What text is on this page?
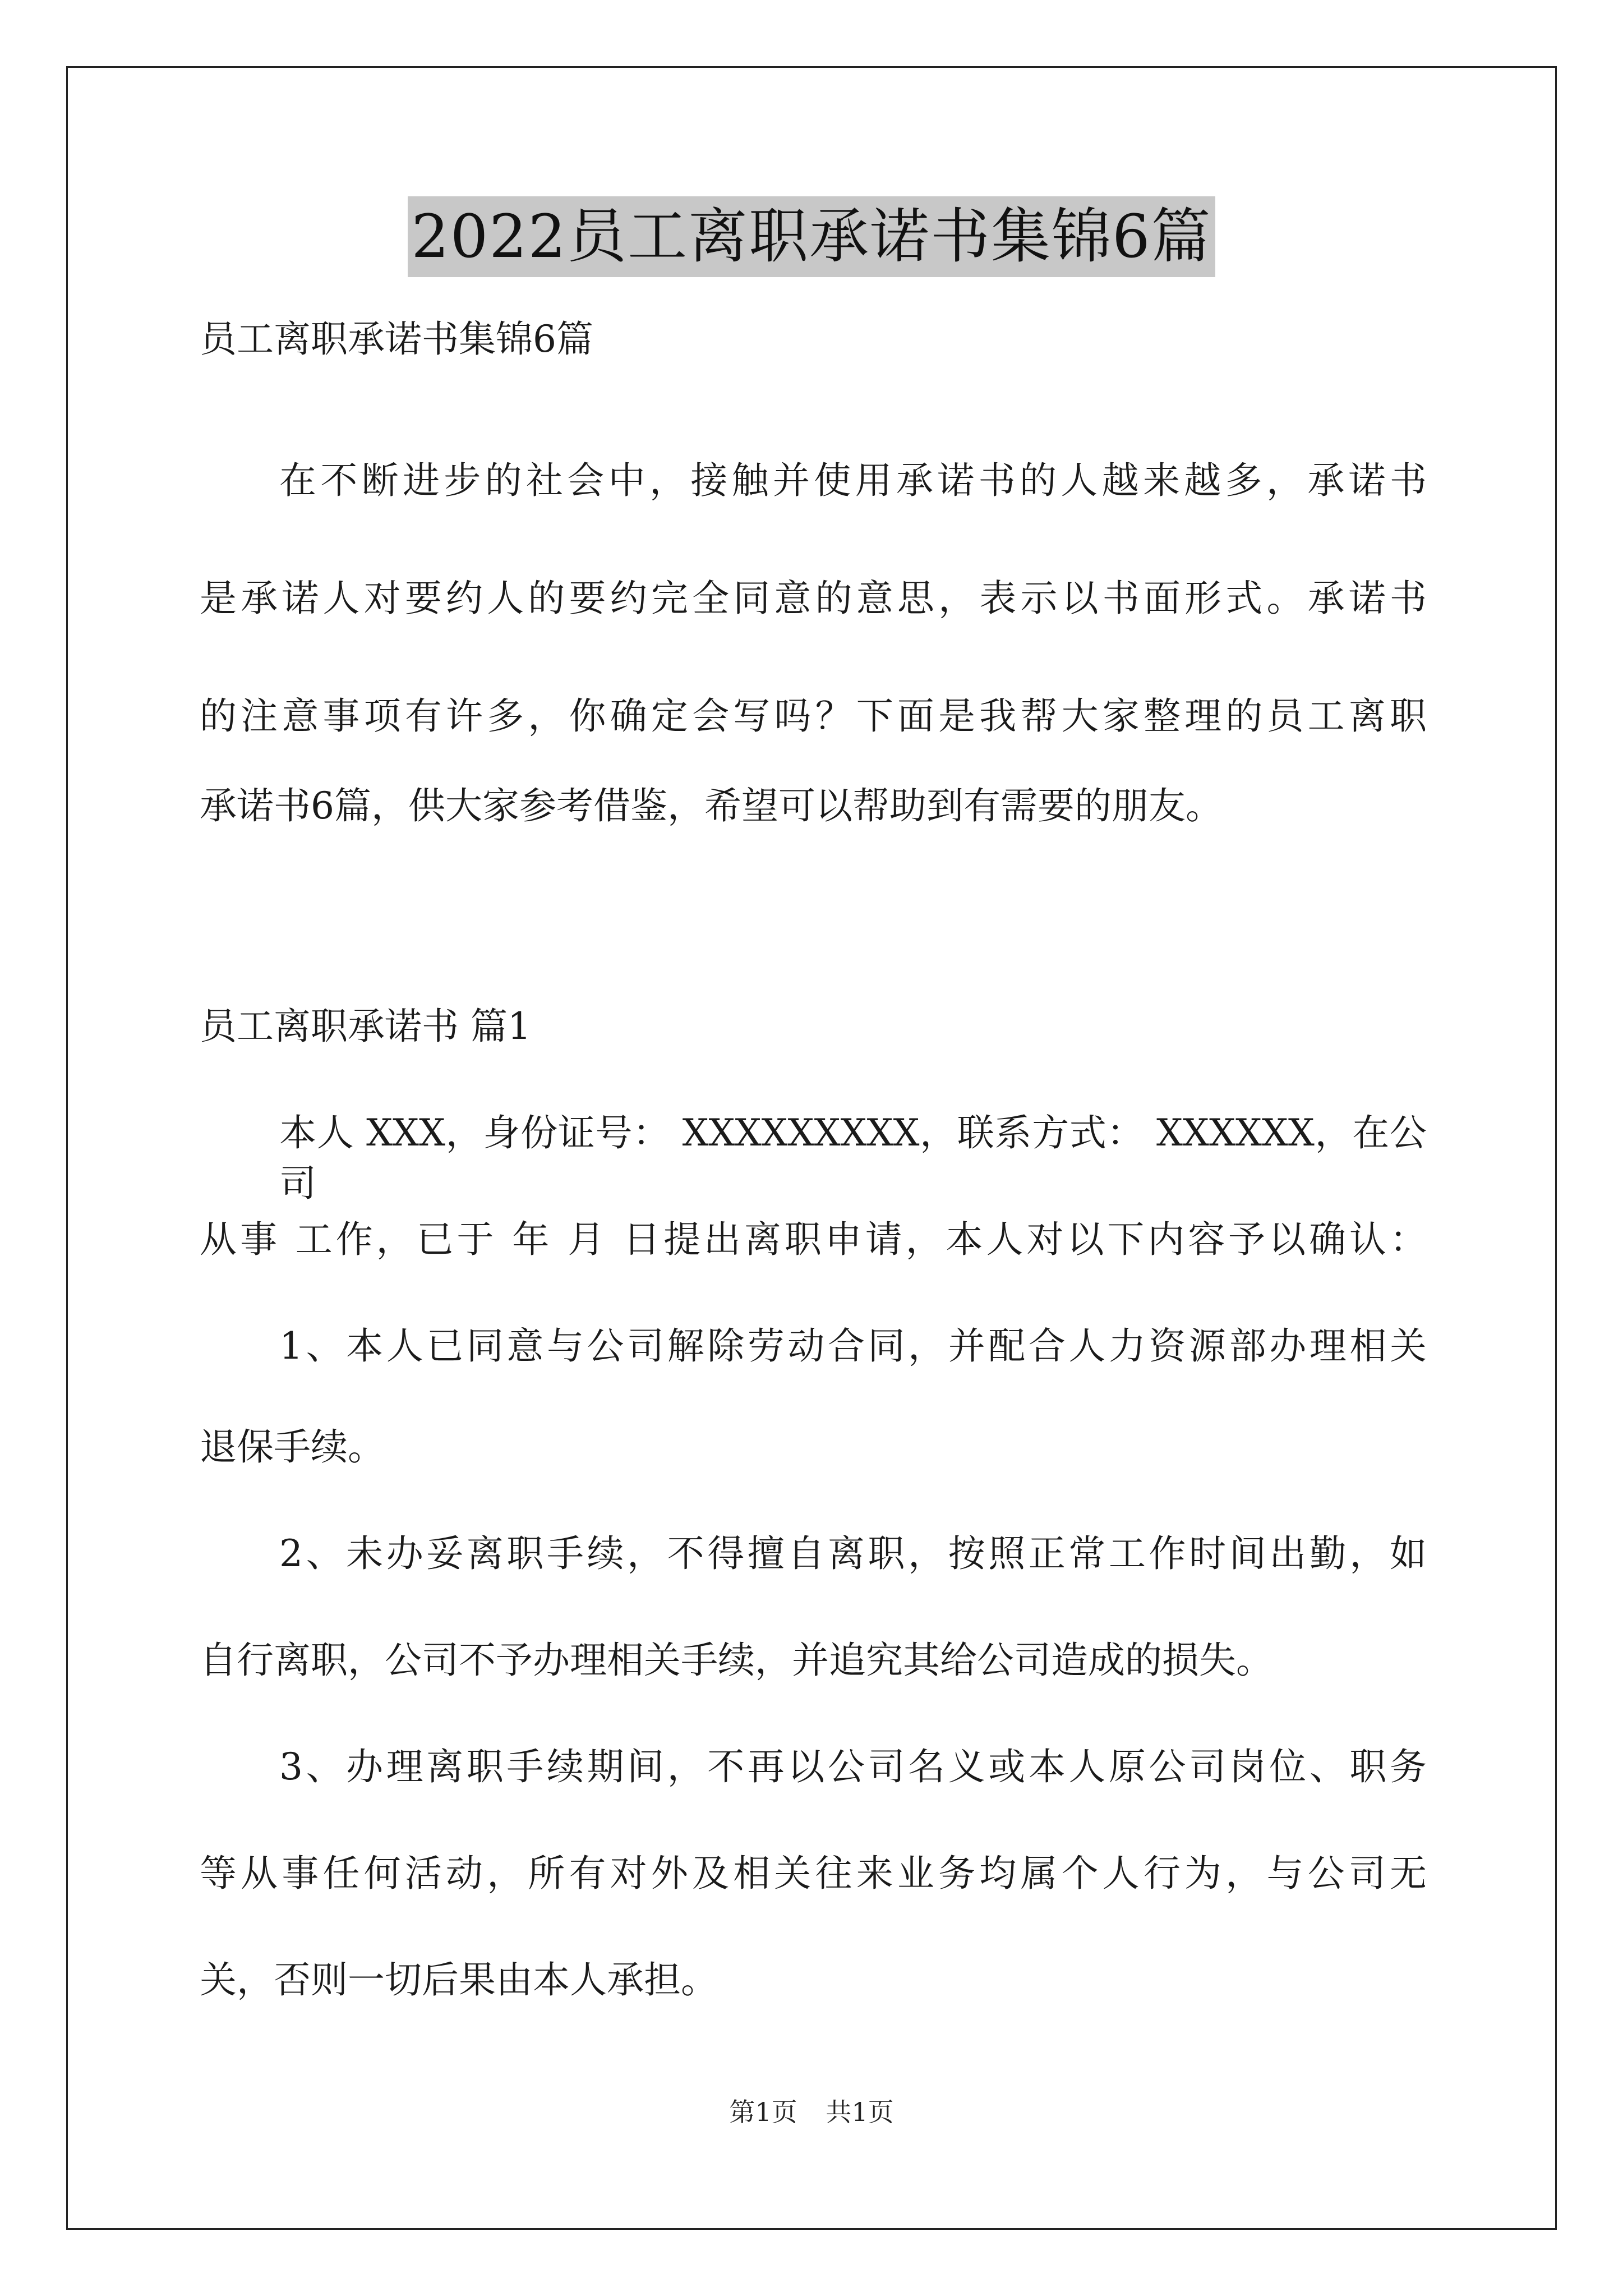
2022员工离职承诺书集锦6篇
员工离职承诺书集锦6篇
在不断进步的社会中，接触并使用承诺书的人越来越多，承诺书
是承诺人对要约人的要约完全同意的意思，表示以书面形式。承诺书
的注意事项有许多，你确定会写吗？下面是我帮大家整理的员工离职
承诺书6篇，供大家参考借鉴，希望可以帮助到有需要的朋友。
员工离职承诺书 篇1
本人 XXX，身份证号： XXXXXXXXX，联系方式： XXXXXX，在公司
从事 工作，已于 年 月 日提出离职申请，本人对以下内容予以确认：
1、本人已同意与公司解除劳动合同，并配合人力资源部办理相关
退保手续。
2、未办妥离职手续，不得擅自离职，按照正常工作时间出勤，如
自行离职，公司不予办理相关手续，并追究其给公司造成的损失。
3、办理离职手续期间，不再以公司名义或本人原公司岗位、职务
等从事任何活动，所有对外及相关往来业务均属个人行为，与公司无
关，否则一切后果由本人承担。
第1页 共1页
